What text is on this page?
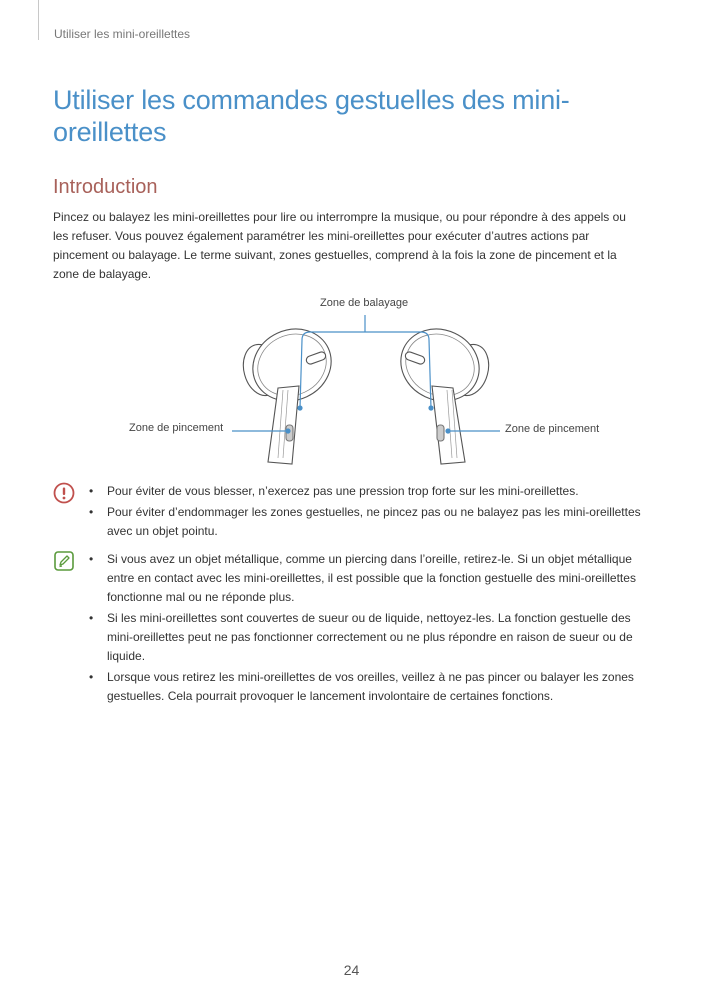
Utiliser les mini-oreillettes
Utiliser les commandes gestuelles des mini-oreillettes
Introduction

Pincez ou balayez les mini-oreillettes pour lire ou interrompre la musique, ou pour répondre à des appels ou les refuser. Vous pouvez également paramétrer les mini-oreillettes pour exécuter d’autres actions par pincement ou balayage. Le terme suivant, zones gestuelles, comprend à la fois la zone de pincement et la zone de balayage.

Zone de balayage
Zone de pincement	Zone de pincement
• Pour éviter de vous blesser, n’exercez pas une pression trop forte sur les mini-oreillettes.
• Pour éviter d’endommager les zones gestuelles, ne pincez pas ou ne balayez pas les mini-oreillettes avec un objet pointu.
• Si vous avez un objet métallique, comme un piercing dans l’oreille, retirez-le. Si un objet métallique entre en contact avec les mini-oreillettes, il est possible que la fonction gestuelle des mini-oreillettes fonctionne mal ou ne réponde plus.
• Si les mini-oreillettes sont couvertes de sueur ou de liquide, nettoyez-les. La fonction gestuelle des mini-oreillettes peut ne pas fonctionner correctement ou ne plus répondre en raison de sueur ou de liquide.
• Lorsque vous retirez les mini-oreillettes de vos oreilles, veillez à ne pas pincer ou balayer les zones gestuelles. Cela pourrait provoquer le lancement involontaire de certaines fonctions.
24
